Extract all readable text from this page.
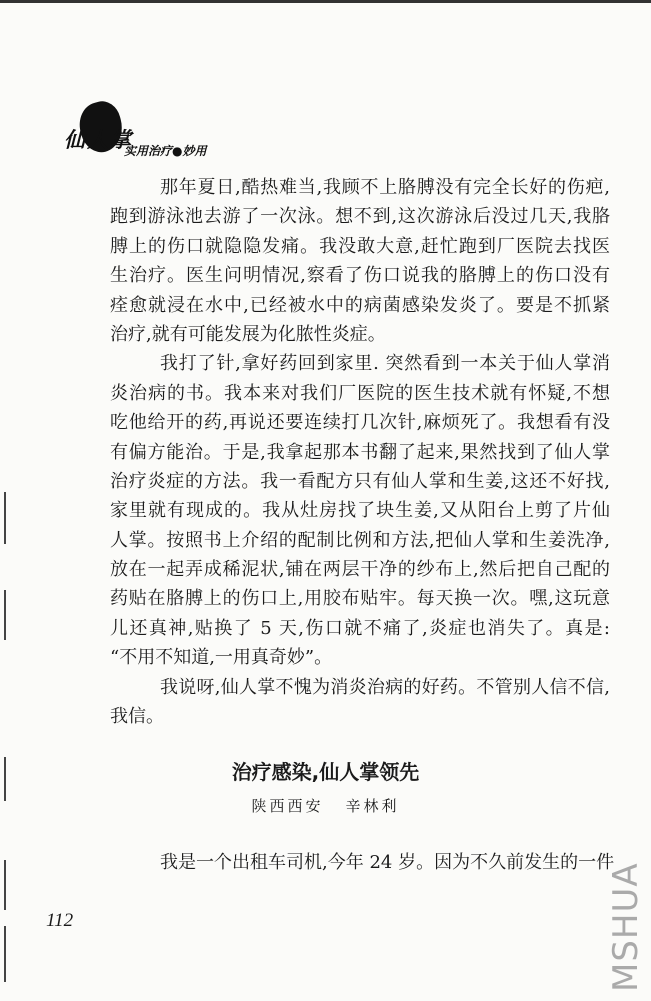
仙人掌
实用治疗●妙用
那年夏日,酷热难当,我顾不上胳膊没有完全长好的伤疤,
跑到游泳池去游了一次泳。想不到,这次游泳后没过几天,我胳
膊上的伤口就隐隐发痛。我没敢大意,赶忙跑到厂医院去找医
生治疗。医生问明情况,察看了伤口说我的胳膊上的伤口没有
痊愈就浸在水中,已经被水中的病菌感染发炎了。要是不抓紧
治疗,就有可能发展为化脓性炎症。
我打了针,拿好药回到家里. 突然看到一本关于仙人掌消
炎治病的书。我本来对我们厂医院的医生技术就有怀疑,不想
吃他给开的药,再说还要连续打几次针,麻烦死了。我想看有没
有偏方能治。于是,我拿起那本书翻了起来,果然找到了仙人掌
治疗炎症的方法。我一看配方只有仙人掌和生姜,这还不好找,
家里就有现成的。我从灶房找了块生姜,又从阳台上剪了片仙
人掌。按照书上介绍的配制比例和方法,把仙人掌和生姜洗净,
放在一起弄成稀泥状,铺在两层干净的纱布上,然后把自己配的
药贴在胳膊上的伤口上,用胶布贴牢。每天换一次。嘿,这玩意
儿还真神,贴换了 5 天,伤口就不痛了,炎症也消失了。真是:
“不用不知道,一用真奇妙”。
我说呀,仙人掌不愧为消炎治病的好药。不管别人信不信,
我信。
治疗感染,仙人掌领先
陕西西安 辛林利
我是一个出租车司机,今年 24 岁。因为不久前发生的一件
112	MSHUA
